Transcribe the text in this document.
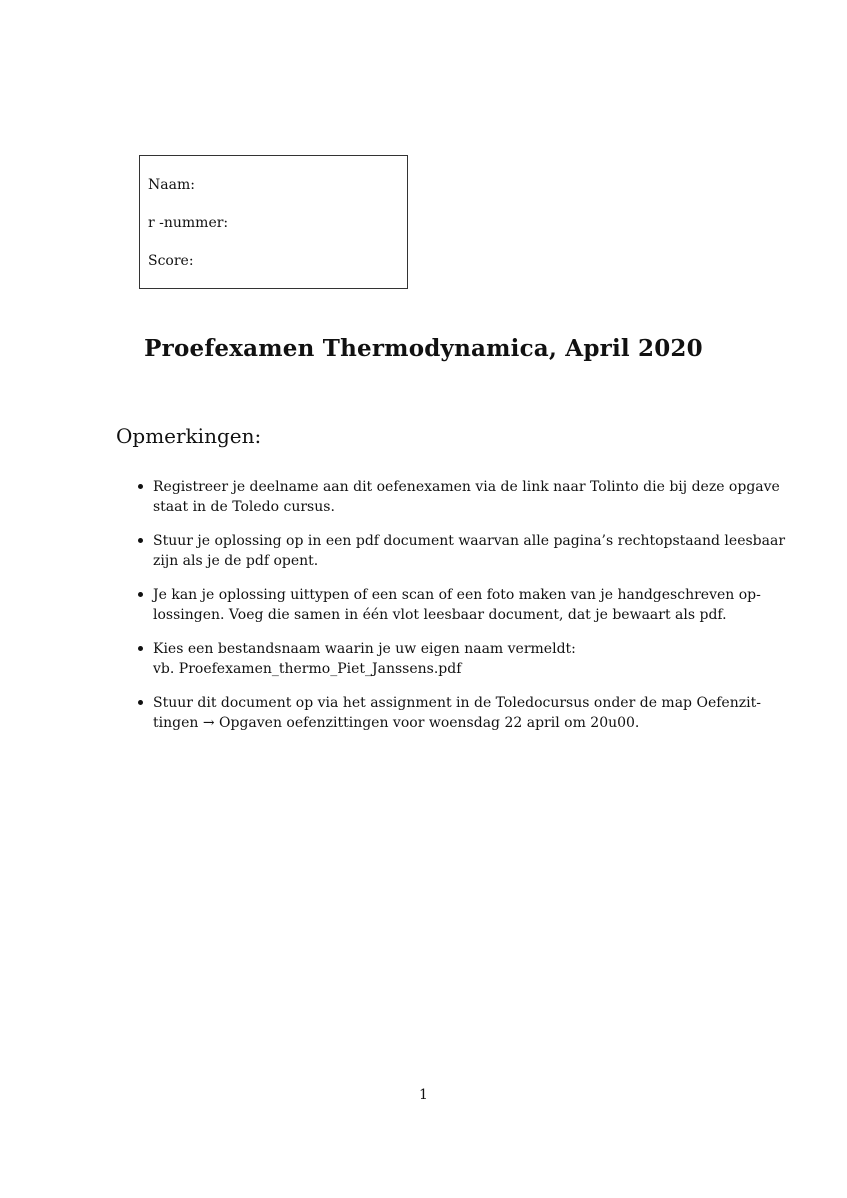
Naam:
r -nummer:
Score:
Proefexamen Thermodynamica, April 2020
Opmerkingen:
Registreer je deelname aan dit oefenexamen via de link naar Tolinto die bij deze opgave
staat in de Toledo cursus.
Stuur je oplossing op in een pdf document waarvan alle pagina’s rechtopstaand leesbaar
zijn als je de pdf opent.
Je kan je oplossing uittypen of een scan of een foto maken van je handgeschreven op-
lossingen. Voeg die samen in één vlot leesbaar document, dat je bewaart als pdf.
Kies een bestandsnaam waarin je uw eigen naam vermeldt:
vb. Proefexamen_thermo_Piet_Janssens.pdf
Stuur dit document op via het assignment in de Toledocursus onder de map Oefenzit-
tingen → Opgaven oefenzittingen voor woensdag 22 april om 20u00.
1
